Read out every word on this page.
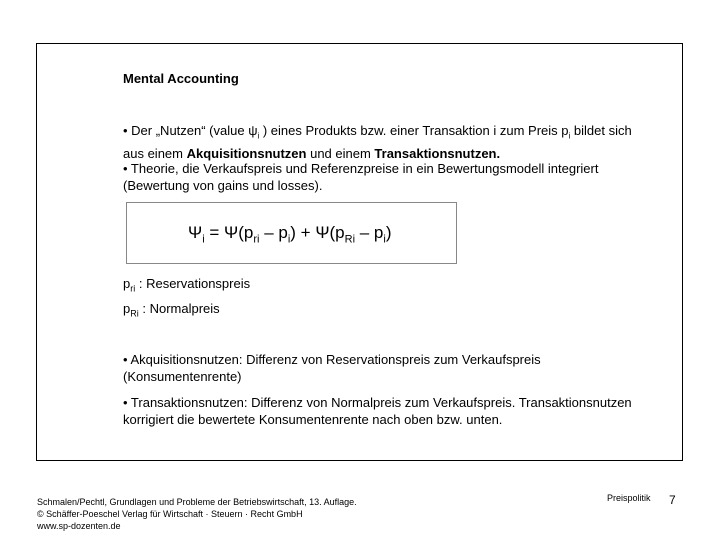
Mental Accounting
• Der „Nutzen“ (value $\psi_i$ ) eines Produkts bzw. einer Transaktion i zum Preis $p_i$ bildet sich aus einem Akquisitionsnutzen und einem Transaktionsnutzen.
• Theorie, die Verkaufspreis und Referenzpreise in ein Bewertungsmodell integriert (Bewertung von gains und losses).
$\Psi_i = \Psi(p_{ri} - p_i) + \Psi(p_{Ri} - p_i)$
$p_{ri}$ : Reservationspreis
$p_{Ri}$ : Normalpreis
• Akquisitionsnutzen: Differenz von Reservationspreis zum Verkaufspreis (Konsumentenrente)
• Transaktionsnutzen: Differenz von Normalpreis zum Verkaufspreis. Transaktionsnutzen korrigiert die bewertete Konsumentenrente nach oben bzw. unten.
Schmalen/Pechtl, Grundlagen und Probleme der Betriebswirtschaft, 13. Auflage.
© Schäffer-Poeschel Verlag für Wirtschaft · Steuern · Recht GmbH
www.sp-dozenten.de
Preispolitik 7
